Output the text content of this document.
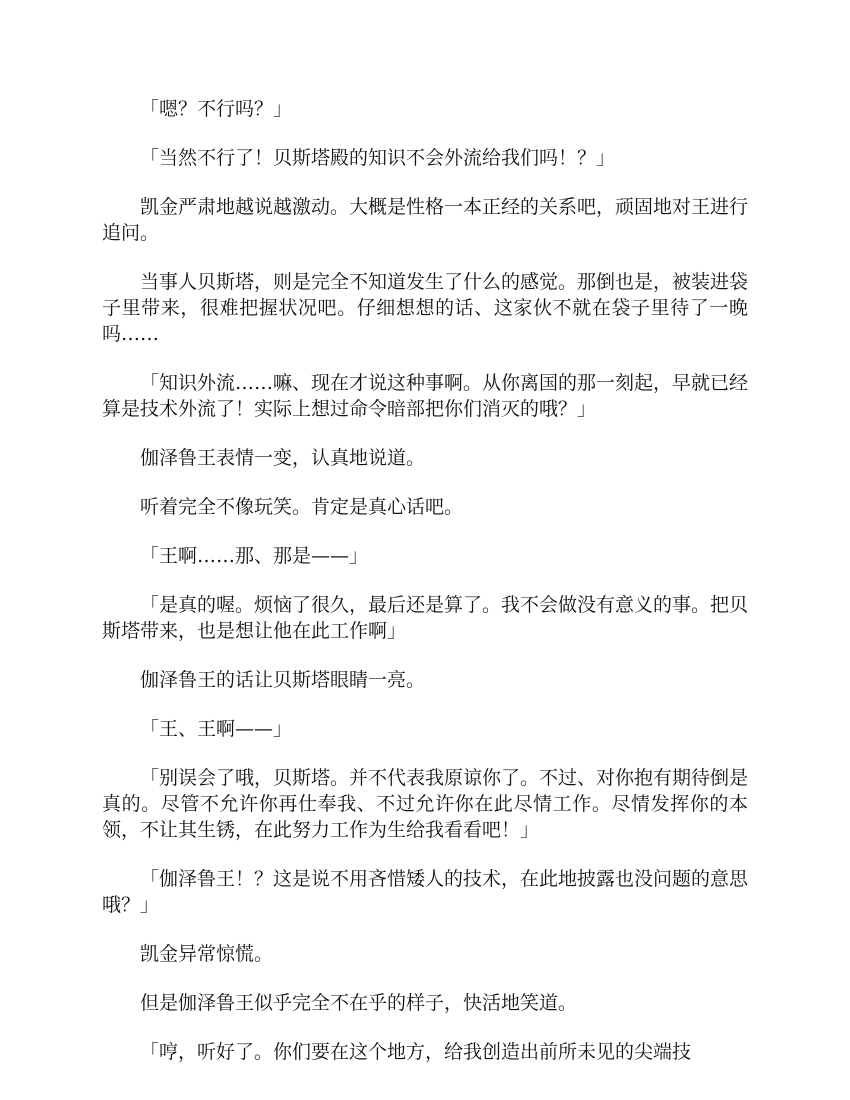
「嗯？不行吗？」

「当然不行了！贝斯塔殿的知识不会外流给我们吗！？」

凯金严肃地越说越激动。大概是性格一本正经的关系吧，顽固地对王进行追问。

当事人贝斯塔，则是完全不知道发生了什么的感觉。那倒也是，被装进袋子里带来，很难把握状况吧。仔细想想的话、这家伙不就在袋子里待了一晚吗……

「知识外流……嘛、现在才说这种事啊。从你离国的那一刻起，早就已经算是技术外流了！实际上想过命令暗部把你们消灭的哦？」

伽泽鲁王表情一变，认真地说道。

听着完全不像玩笑。肯定是真心话吧。

「王啊……那、那是——」

「是真的喔。烦恼了很久，最后还是算了。我不会做没有意义的事。把贝斯塔带来，也是想让他在此工作啊」

伽泽鲁王的话让贝斯塔眼睛一亮。

「王、王啊——」

「别误会了哦，贝斯塔。并不代表我原谅你了。不过、对你抱有期待倒是真的。尽管不允许你再仕奉我、不过允许你在此尽情工作。尽情发挥你的本领，不让其生锈，在此努力工作为生给我看看吧！」

「伽泽鲁王！？这是说不用吝惜矮人的技术，在此地披露也没问题的意思哦？」

凯金异常惊慌。

但是伽泽鲁王似乎完全不在乎的样子，快活地笑道。

「哼，听好了。你们要在这个地方，给我创造出前所未见的尖端技
